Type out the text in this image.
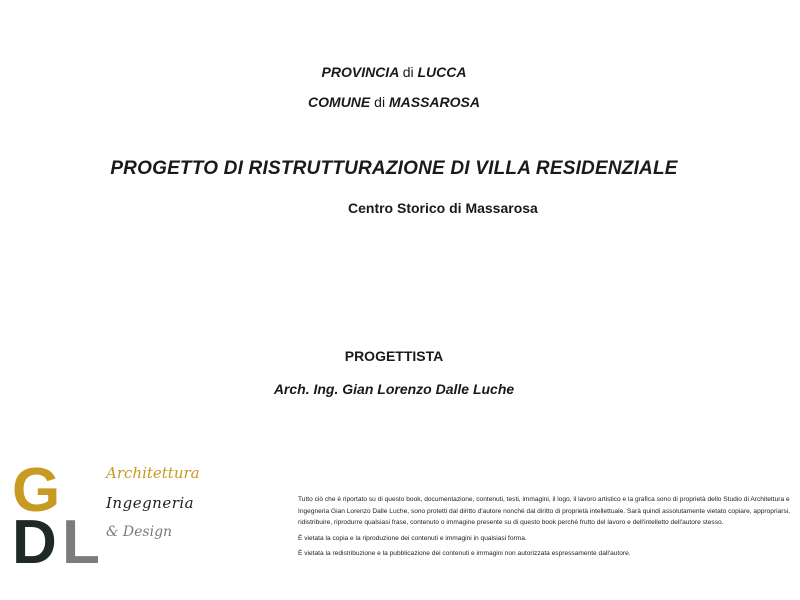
PROVINCIA di LUCCA
COMUNE di MASSAROSA
PROGETTO DI RISTRUTTURAZIONE DI VILLA RESIDENZIALE
Centro Storico di Massarosa
PROGETTISTA
Arch. Ing. Gian Lorenzo Dalle Luche
G
D L
Architettura
Ingegneria
& Design

Tutto ciò che è riportato su di questo book, documentazione, contenuti, testi, immagini, il logo, il lavoro artistico e la grafica sono di proprietà dello Studio di Architettura e Ingegneria Gian Lorenzo Dalle Luche, sono protetti dal diritto d'autore nonché dal diritto di proprietà intellettuale. Sarà quindi assolutamente vietato copiare, appropriarsi, ridistribuire, riprodurre qualsiasi frase, contenuto o immagine presente su di questo book perché frutto del lavoro e dell'intelletto dell'autore stesso.

È vietata la copia e la riproduzione dei contenuti e immagini in qualsiasi forma.

È vietata la redistribuzione e la pubblicazione dei contenuti e immagini non autorizzata espressamente dall'autore.
